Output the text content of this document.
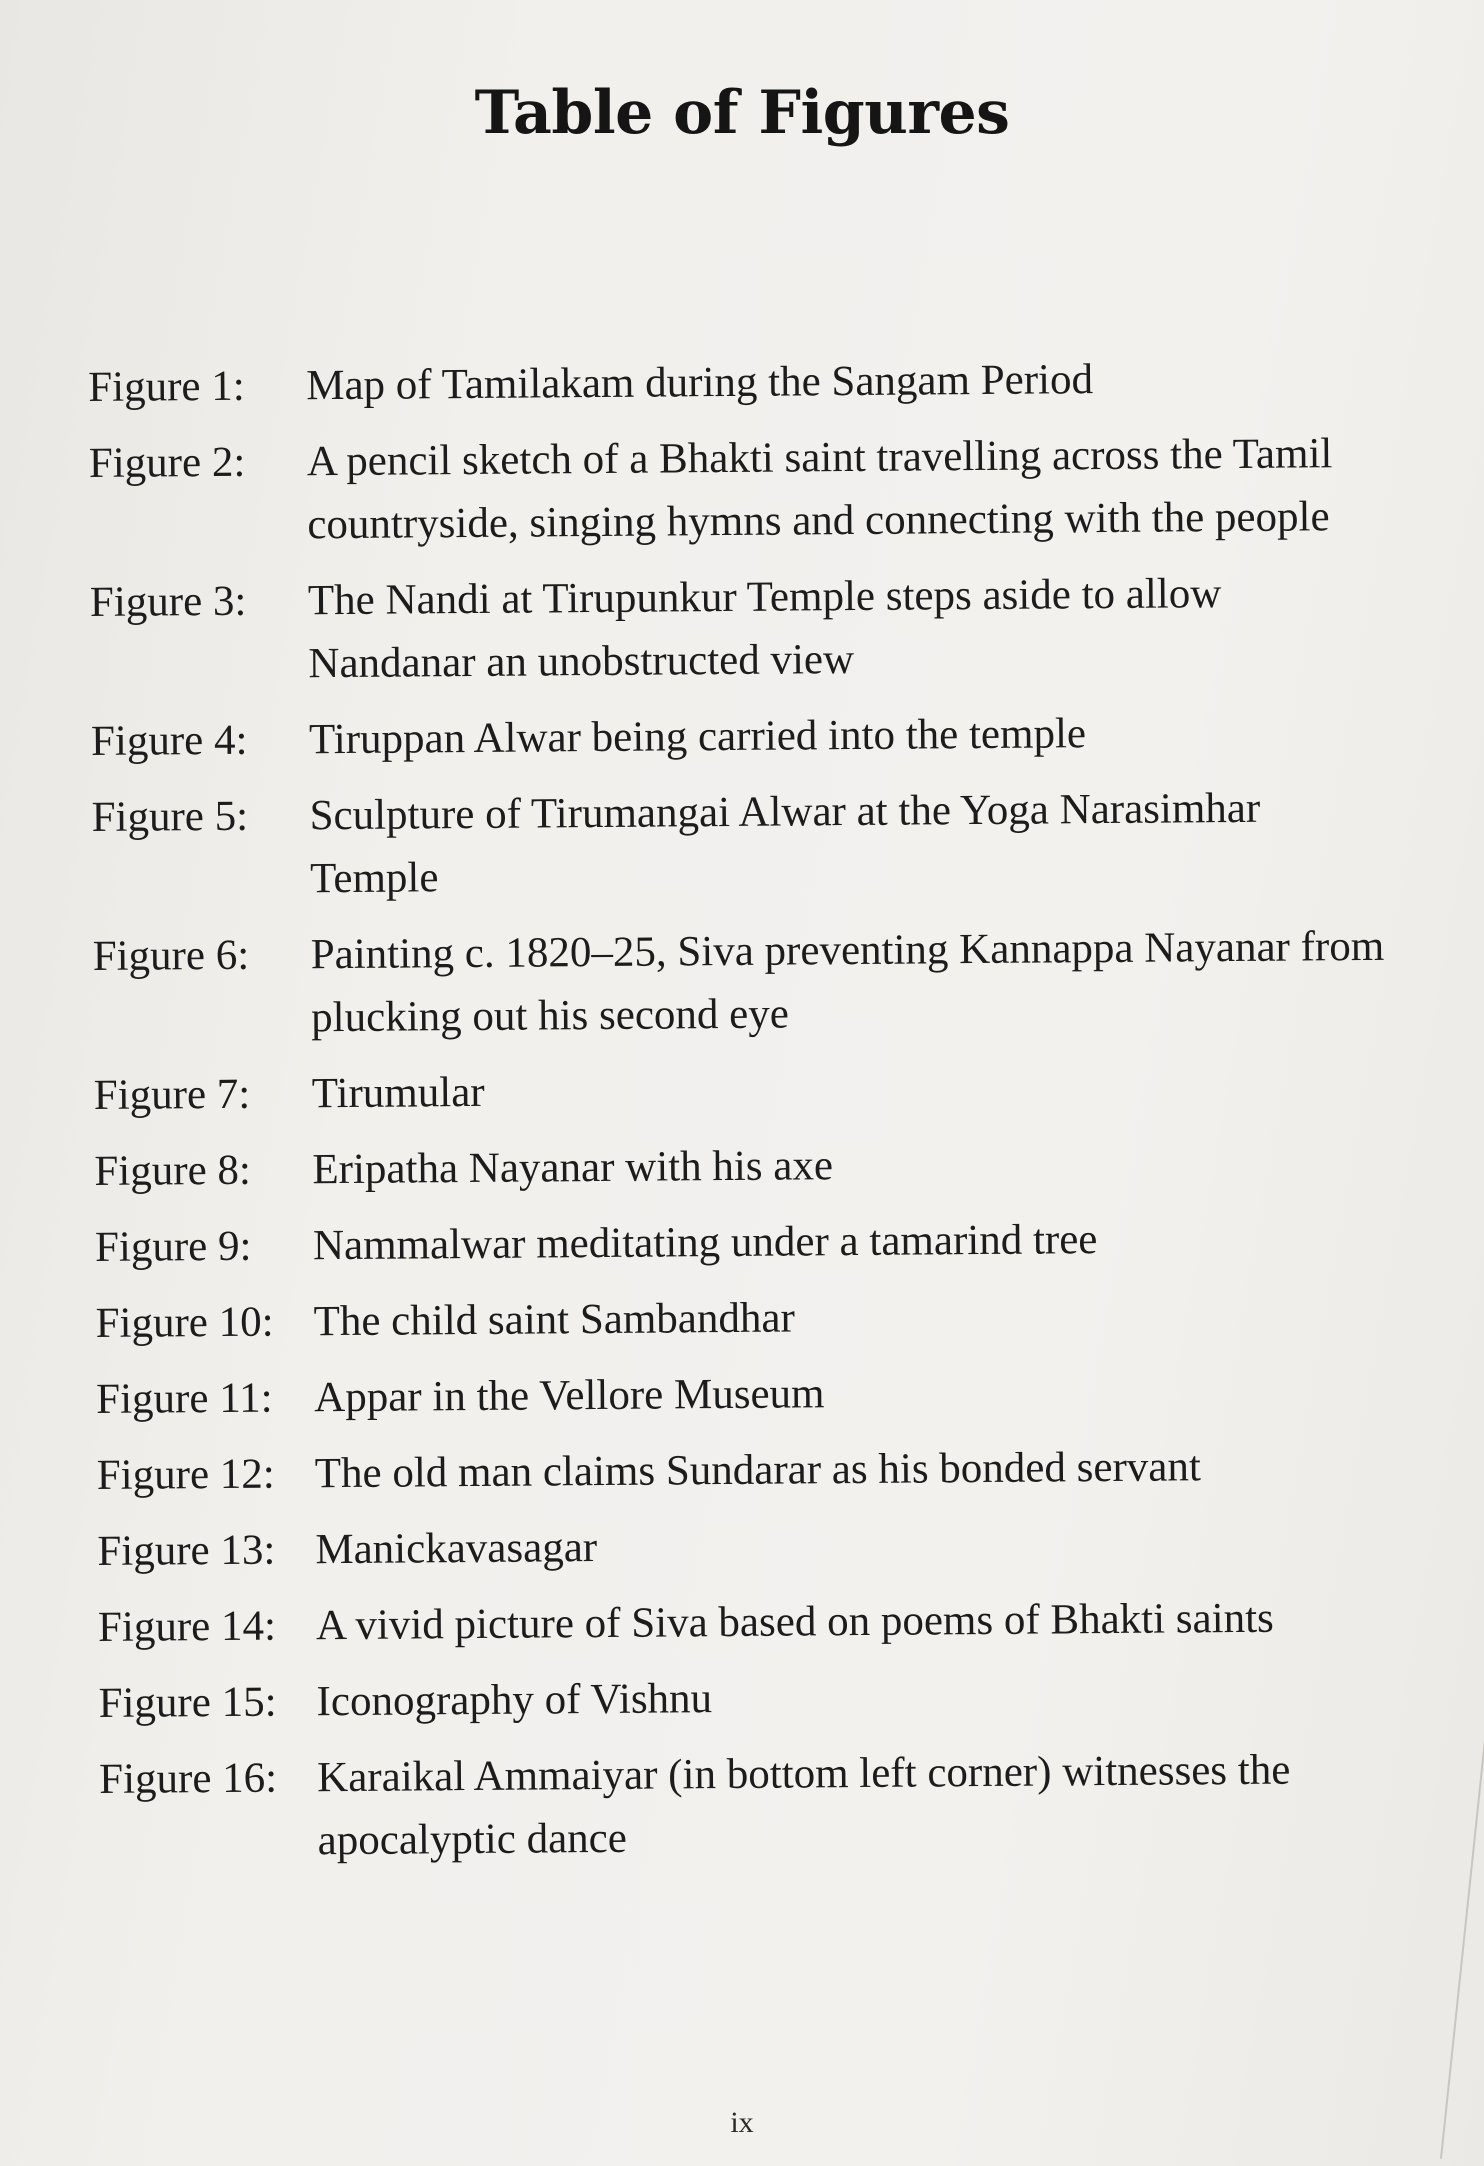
Table of Figures
Figure 1:	Map of Tamilakam during the Sangam Period
Figure 2:	A pencil sketch of a Bhakti saint travelling across the Tamil countryside, singing hymns and connecting with the people
Figure 3:	The Nandi at Tirupunkur Temple steps aside to allow Nandanar an unobstructed view
Figure 4:	Tiruppan Alwar being carried into the temple
Figure 5:	Sculpture of Tirumangai Alwar at the Yoga Narasimhar Temple
Figure 6:	Painting c. 1820–25, Siva preventing Kannappa Nayanar from plucking out his second eye
Figure 7:	Tirumular
Figure 8:	Eripatha Nayanar with his axe
Figure 9:	Nammalwar meditating under a tamarind tree
Figure 10: The child saint Sambandhar
Figure 11: Appar in the Vellore Museum
Figure 12: The old man claims Sundarar as his bonded servant
Figure 13: Manickavasagar
Figure 14: A vivid picture of Siva based on poems of Bhakti saints
Figure 15: Iconography of Vishnu
Figure 16: Karaikal Ammaiyar (in bottom left corner) witnesses the apocalyptic dance
ix
